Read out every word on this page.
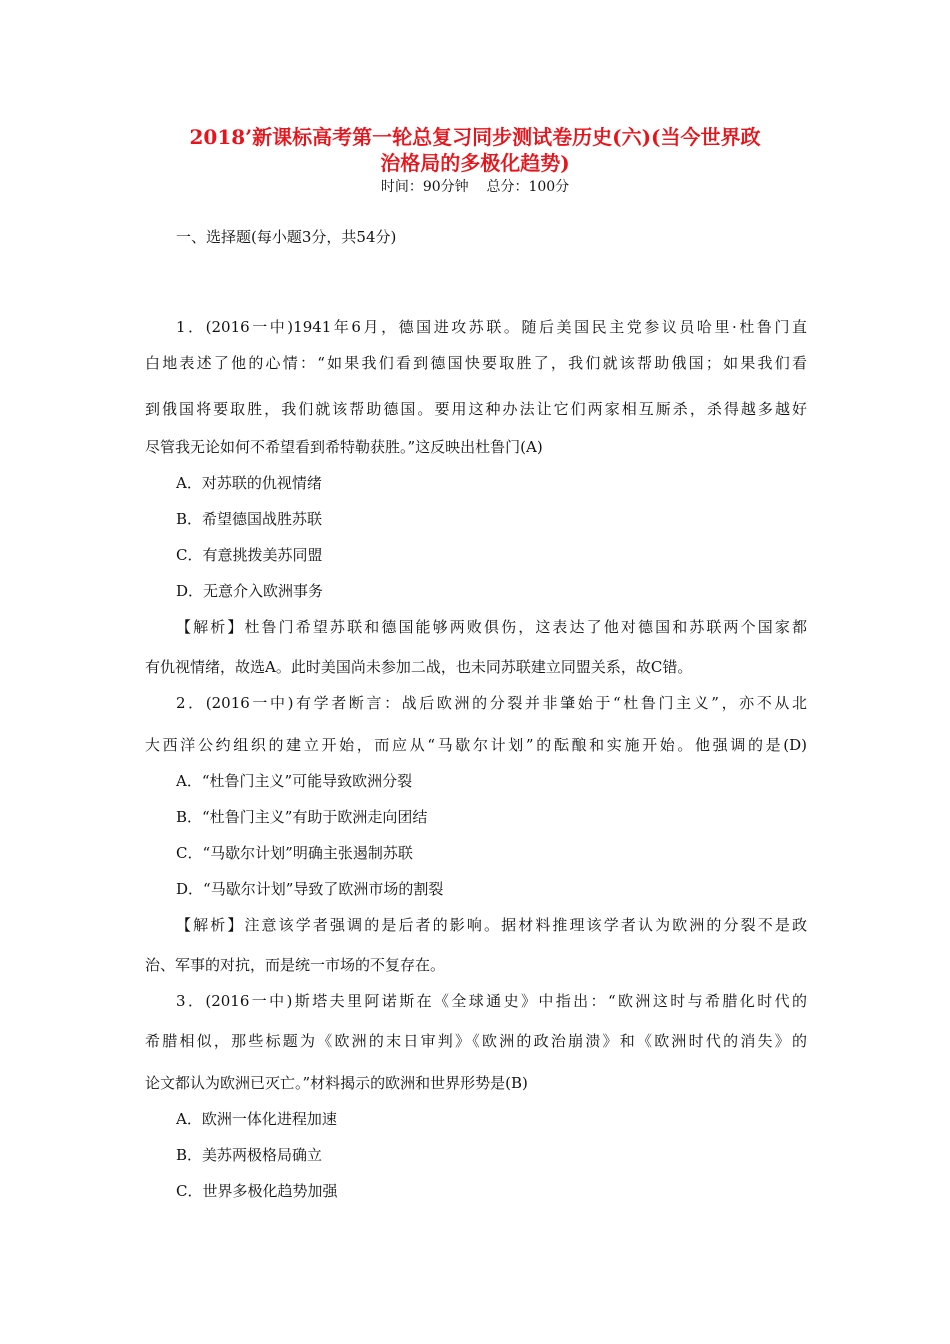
2018’新课标高考第一轮总复习同步测试卷历史(六)(当今世界政
治格局的多极化趋势)
时间：90分钟    总分：100分
一、选择题(每小题3分，共54分)
1．(2016一中)1941年6月，德国进攻苏联。随后美国民主党参议员哈里·杜鲁门直
白地表述了他的心情：“如果我们看到德国快要取胜了，我们就该帮助俄国；如果我们看
到俄国将要取胜，我们就该帮助德国。要用这种办法让它们两家相互厮杀，杀得越多越好
尽管我无论如何不希望看到希特勒获胜。”这反映出杜鲁门(A)
A．对苏联的仇视情绪
B．希望德国战胜苏联
C．有意挑拨美苏同盟
D．无意介入欧洲事务
【解析】杜鲁门希望苏联和德国能够两败俱伤，这表达了他对德国和苏联两个国家都
有仇视情绪，故选A。此时美国尚未参加二战，也未同苏联建立同盟关系，故C错。
2．(2016一中)有学者断言：战后欧洲的分裂并非肇始于“杜鲁门主义”，亦不从北
大西洋公约组织的建立开始，而应从“马歇尔计划”的酝酿和实施开始。他强调的是(D)
A．“杜鲁门主义”可能导致欧洲分裂
B．“杜鲁门主义”有助于欧洲走向团结
C．“马歇尔计划”明确主张遏制苏联
D．“马歇尔计划”导致了欧洲市场的割裂
【解析】注意该学者强调的是后者的影响。据材料推理该学者认为欧洲的分裂不是政
治、军事的对抗，而是统一市场的不复存在。
3．(2016一中)斯塔夫里阿诺斯在《全球通史》中指出：“欧洲这时与希腊化时代的
希腊相似，那些标题为《欧洲的末日审判》《欧洲的政治崩溃》和《欧洲时代的消失》的
论文都认为欧洲已灭亡。”材料揭示的欧洲和世界形势是(B)
A．欧洲一体化进程加速
B．美苏两极格局确立
C．世界多极化趋势加强
